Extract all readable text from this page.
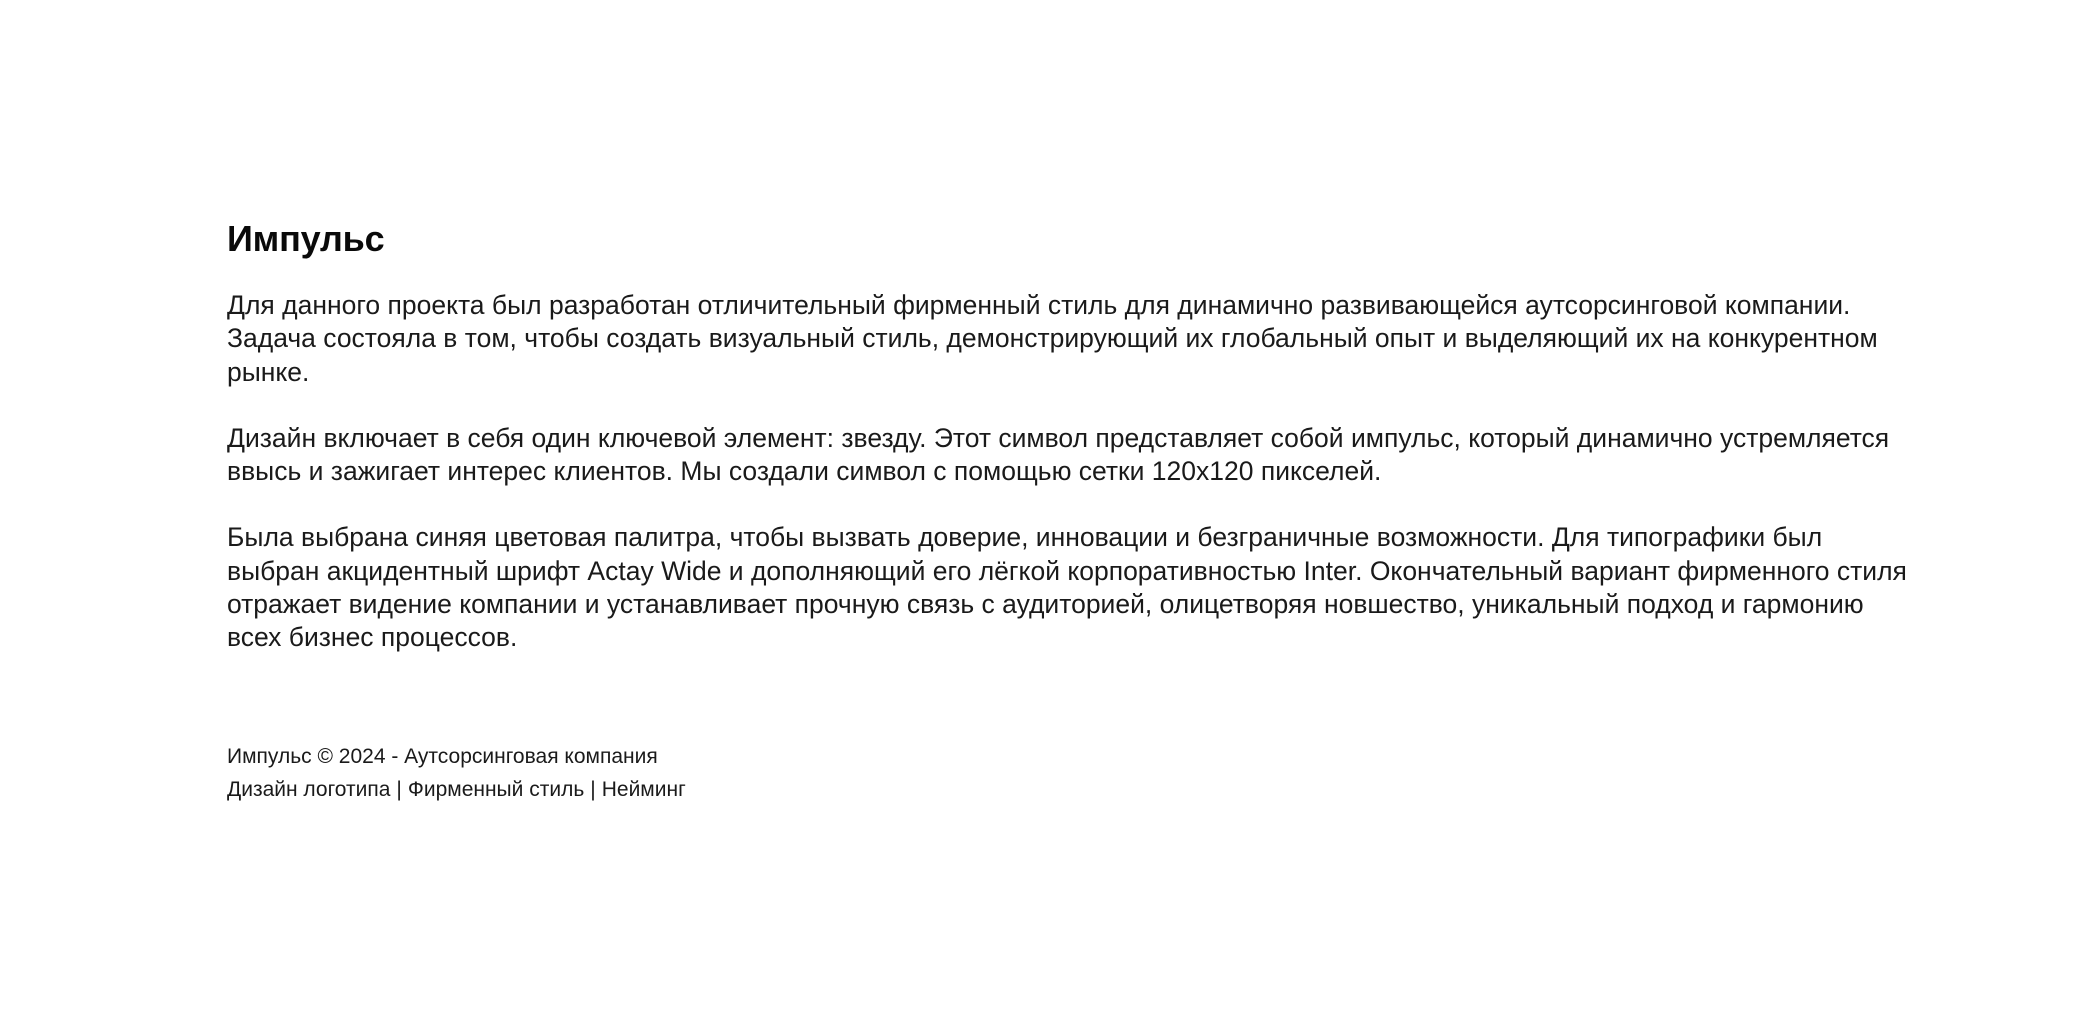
Импульс

Для данного проекта был разработан отличительный фирменный стиль для динамично развивающейся аутсорсинговой компании. Задача состояла в том, чтобы создать визуальный стиль, демонстрирующий их глобальный опыт и выделяющий их на конкурентном рынке.

Дизайн включает в себя один ключевой элемент: звезду. Этот символ представляет собой импульс, который динамично устремляется ввысь и зажигает интерес клиентов. Мы создали символ с помощью сетки 120x120 пикселей.

Была выбрана синяя цветовая палитра, чтобы вызвать доверие, инновации и безграничные возможности. Для типографики был выбран акцидентный шрифт Actay Wide и дополняющий его лёгкой корпоративностью Inter. Окончательный вариант фирменного стиля отражает видение компании и устанавливает прочную связь с аудиторией, олицетворяя новшество, уникальный подход и гармонию всех бизнес процессов.

Импульс © 2024 - Аутсорсинговая компания
Дизайн логотипа | Фирменный стиль | Нейминг
